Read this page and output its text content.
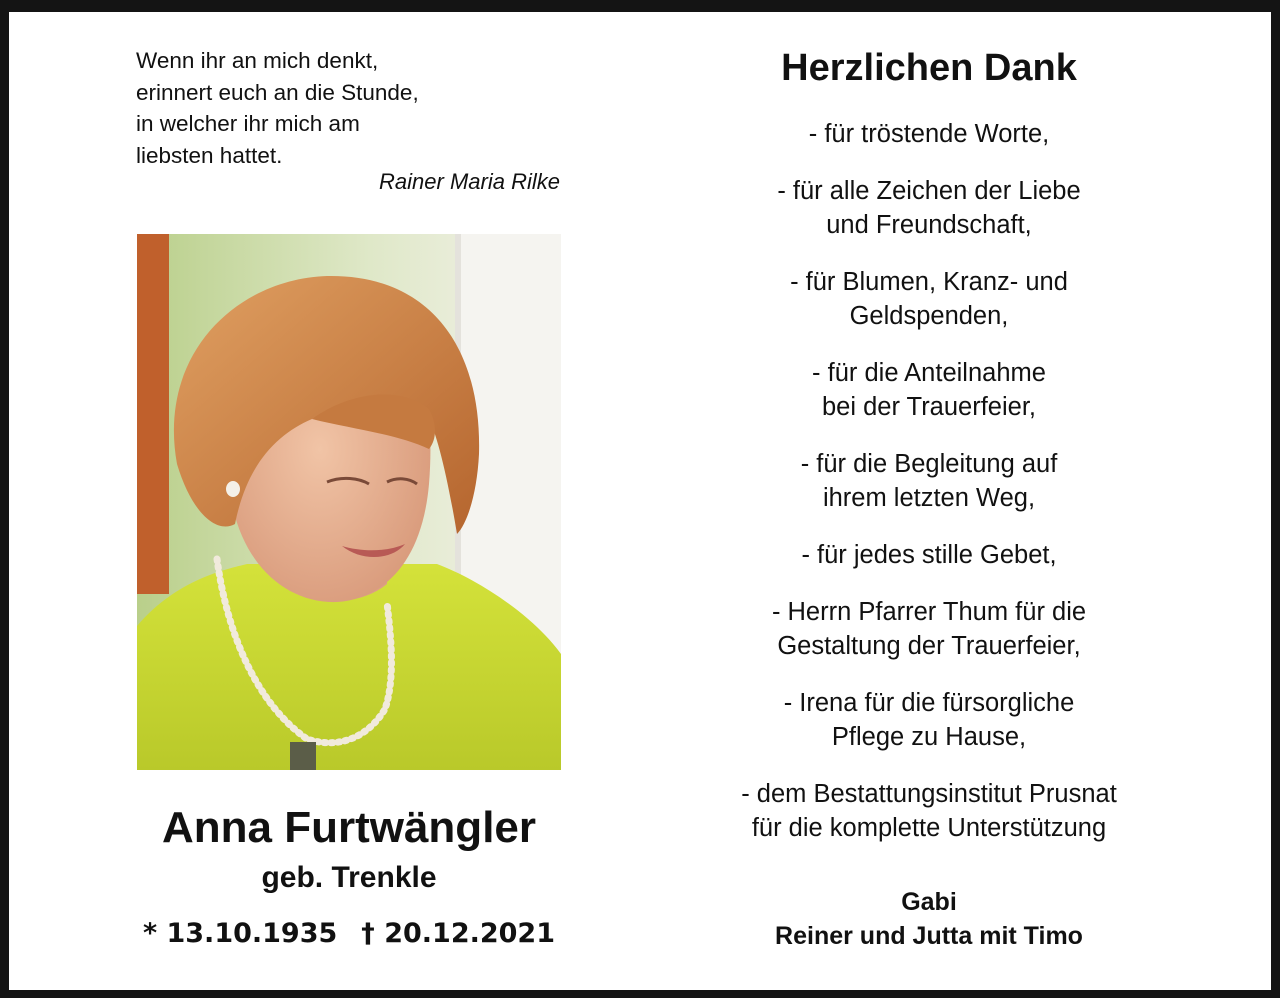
Wenn ihr an mich denkt,
erinnert euch an die Stunde,
in welcher ihr mich am
liebsten hattet.
Rainer Maria Rilke
Anna Furtwängler
geb. Trenkle
* 13.10.1935 † 20.12.2021
Herzlichen Dank
- für tröstende Worte,
- für alle Zeichen der Liebe
und Freundschaft,
- für Blumen, Kranz- und
Geldspenden,
- für die Anteilnahme
bei der Trauerfeier,
- für die Begleitung auf
ihrem letzten Weg,
- für jedes stille Gebet,
- Herrn Pfarrer Thum für die
Gestaltung der Trauerfeier,
- Irena für die fürsorgliche
Pflege zu Hause,
- dem Bestattungsinstitut Prusnat
für die komplette Unterstützung
Gabi
Reiner und Jutta mit Timo
